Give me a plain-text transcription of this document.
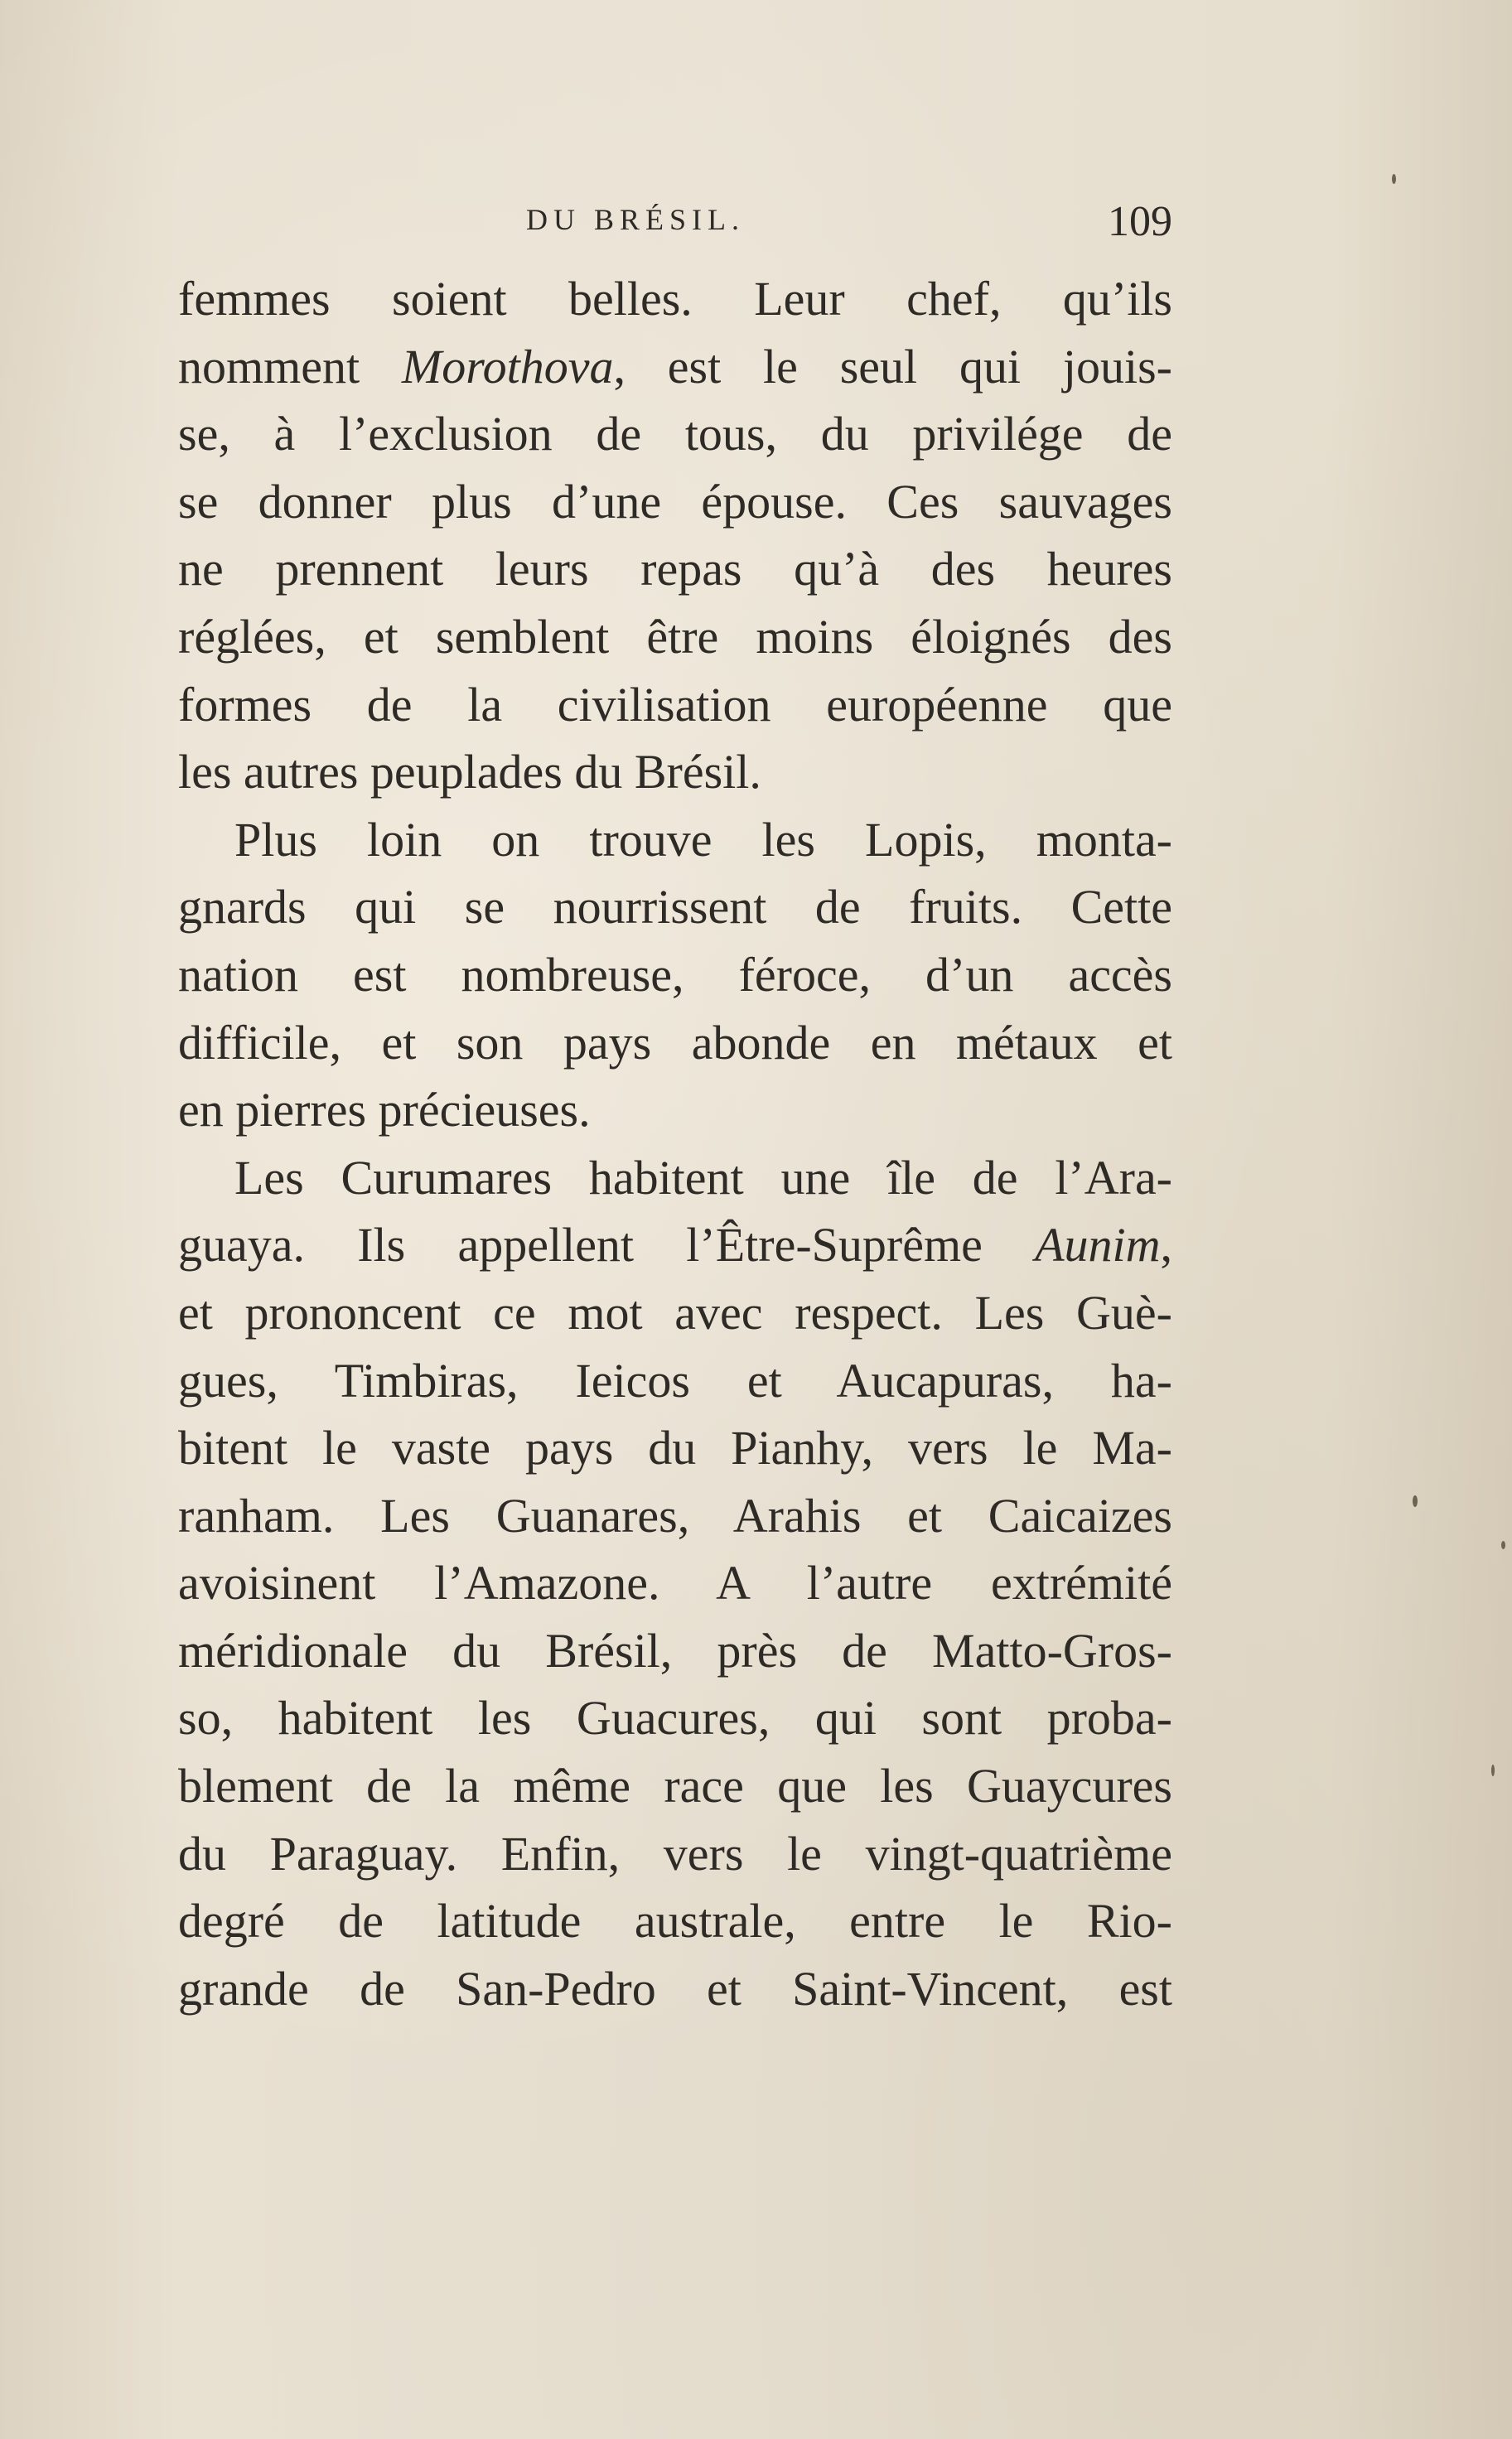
DU BRÉSIL.	109
femmes soient belles. Leur chef, qu’ils
nomment Morothova, est le seul qui jouis-
se, à l’exclusion de tous, du privilége de
se donner plus d’une épouse. Ces sauvages
ne prennent leurs repas qu’à des heures
réglées, et semblent être moins éloignés des
formes de la civilisation européenne que
les autres peuplades du Brésil.
Plus loin on trouve les Lopis, monta-
gnards qui se nourrissent de fruits. Cette
nation est nombreuse, féroce, d’un accès
difficile, et son pays abonde en métaux et
en pierres précieuses.
Les Curumares habitent une île de l’Ara-
guaya. Ils appellent l’Être-Suprême Aunim,
et prononcent ce mot avec respect. Les Guè-
gues, Timbiras, Ieicos et Aucapuras, ha-
bitent le vaste pays du Pianhy, vers le Ma-
ranham. Les Guanares, Arahis et Caicaizes
avoisinent l’Amazone. A l’autre extrémité
méridionale du Brésil, près de Matto-Gros-
so, habitent les Guacures, qui sont proba-
blement de la même race que les Guaycures
du Paraguay. Enfin, vers le vingt-quatrième
degré de latitude australe, entre le Rio-
grande de San-Pedro et Saint-Vincent, est
